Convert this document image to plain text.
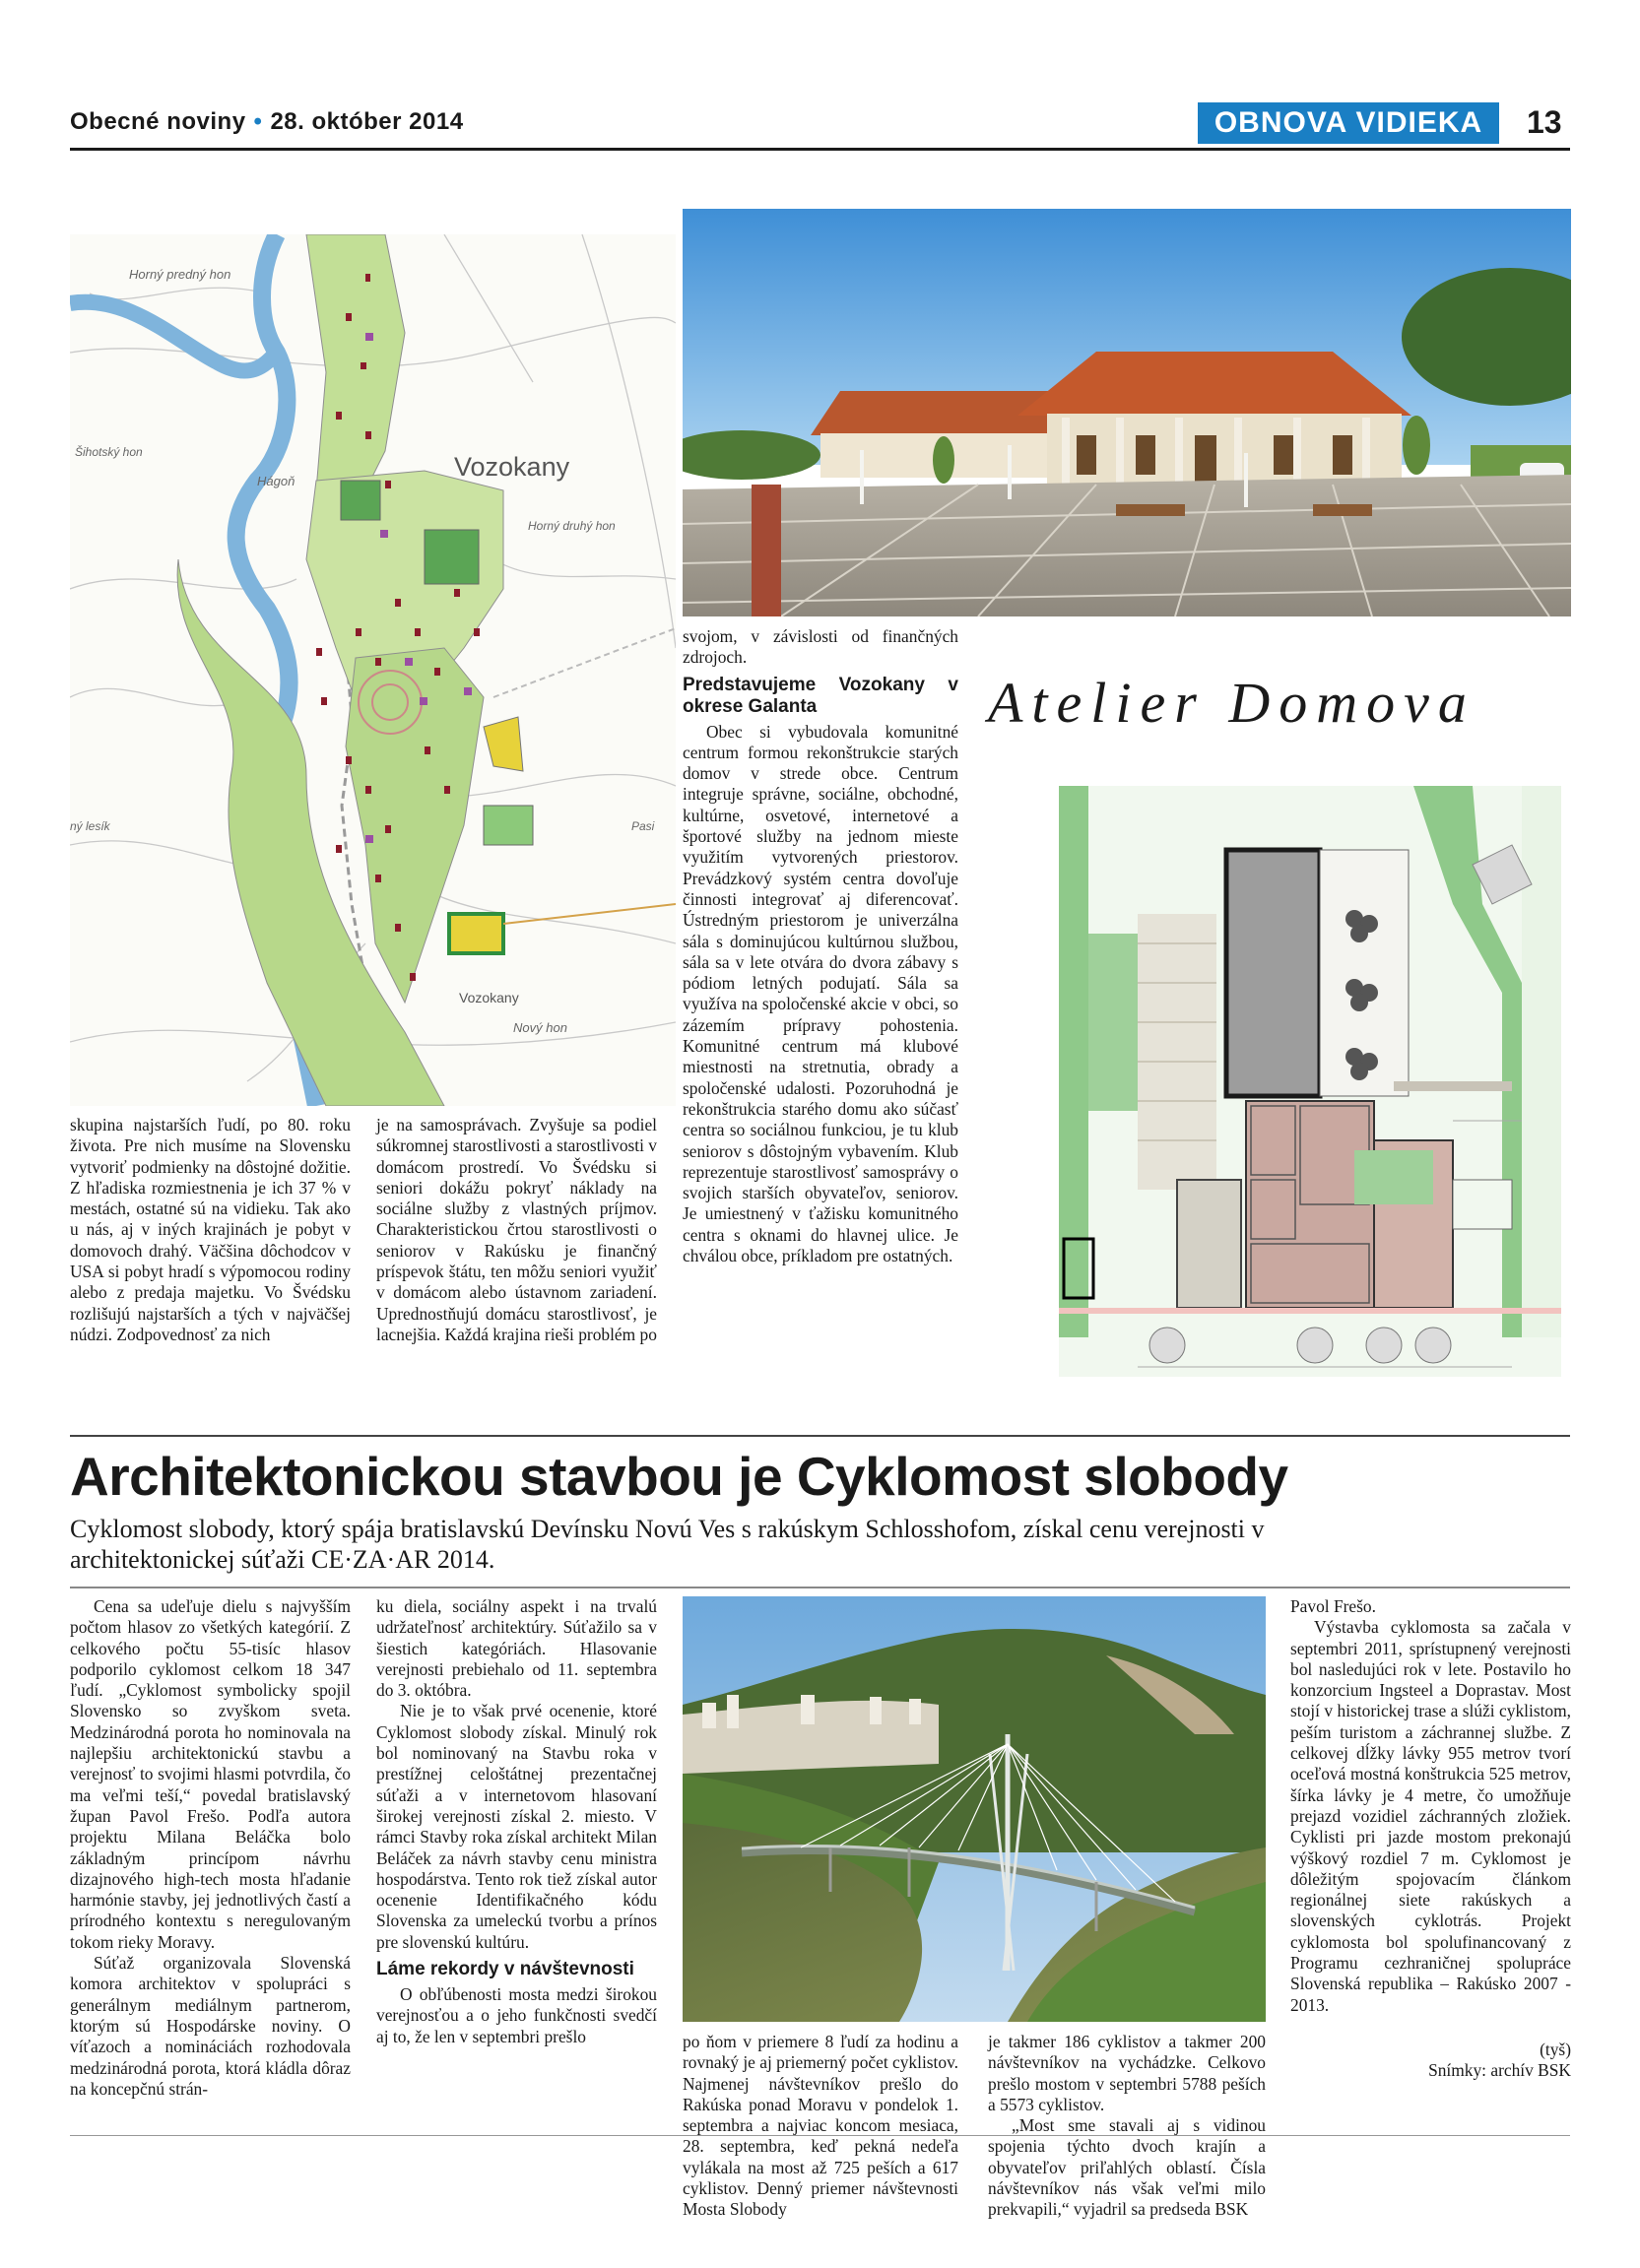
Obecné noviny • 28. október 2014	OBNOVA VIDIEKA	13
Horný predný hon
Šihotský hon
Hágoň
Horný druhý hon
Pasi
ný lesík
Nový hon
Vozokany
Vozokany
Atelier Domova

skupina najstarších ľudí, po 80. roku života. Pre nich musíme na Slovensku vytvoriť podmienky na dôstojné dožitie. Z hľadiska rozmiestnenia je ich 37 % v mestách, ostatné sú na vidieku. Tak ako u nás, aj v iných krajinách je pobyt v domovoch drahý. Väčšina dôchodcov v USA si pobyt hradí s výpomocou rodiny alebo z predaja majetku. Vo Švédsku rozlišujú najstarších a tých v najväčšej núdzi. Zodpovednosť za nich

je na samosprávach. Zvyšuje sa podiel súkromnej starostlivosti a starostlivosti v domácom prostredí. Vo Švédsku si seniori dokážu pokryť náklady na sociálne služby z vlastných príjmov. Charakteristickou črtou starostlivosti o seniorov v Rakúsku je finančný príspevok štátu, ten môžu seniori využiť v domácom alebo ústavnom zariadení. Uprednostňujú domácu starostlivosť, je lacnejšia. Každá krajina rieši problém po

svojom, v závislosti od finančných zdrojoch.

Predstavujeme Vozokany v okrese Galanta

Obec si vybudovala komunitné centrum formou rekonštrukcie starých domov v strede obce. Centrum integruje správne, sociálne, obchodné, kultúrne, osvetové, internetové a športové služby na jednom mieste využitím vytvorených priestorov. Prevádzkový systém centra dovoľuje činnosti integrovať aj diferencovať. Ústredným priestorom je univerzálna sála s dominujúcou kultúrnou službou, sála sa v lete otvára do dvora zábavy s pódiom letných podujatí. Sála sa využíva na spoločenské akcie v obci, so zázemím prípravy pohostenia. Komunitné centrum má klubové miestnosti na stretnutia, obrady a spoločenské udalosti. Pozoruhodná je rekonštrukcia starého domu ako súčasť centra so sociálnou funkciou, je tu klub seniorov s dôstojným vybavením. Klub reprezentuje starostlivosť samosprávy o svojich starších obyvateľov, seniorov. Je umiestnený v ťažisku komunitného centra s oknami do hlavnej ulice. Je chválou obce, príkladom pre ostatných.

Architektonickou stavbou je Cyklomost slobody
Cyklomost slobody, ktorý spája bratislavskú Devínsku Novú Ves s rakúskym Schlosshofom, získal cenu verejnosti v architektonickej súťaži CE·ZA·AR 2014.

Cena sa udeľuje dielu s najvyšším počtom hlasov zo všetkých kategórií. Z celkového počtu 55-tisíc hlasov podporilo cyklomost celkom 18 347 ľudí. „Cyklomost symbolicky spojil Slovensko so zvyškom sveta. Medzinárodná porota ho nominovala na najlepšiu architektonickú stavbu a verejnosť to svojimi hlasmi potvrdila, čo ma veľmi teší,“ povedal bratislavský župan Pavol Frešo. Podľa autora projektu Milana Beláčka bolo základným princípom návrhu dizajnového high-tech mosta hľadanie harmónie stavby, jej jednotlivých častí a prírodného kontextu s neregulovaným tokom rieky Moravy.

Súťaž organizovala Slovenská komora architektov v spolupráci s generálnym mediálnym partnerom, ktorým sú Hospodárske noviny. O víťazoch a nomináciách rozhodovala medzinárodná porota, ktorá kládla dôraz na koncepčnú strán-

ku diela, sociálny aspekt i na trvalú udržateľnosť architektúry. Súťažilo sa v šiestich kategóriách. Hlasovanie verejnosti prebiehalo od 11. septembra do 3. októbra.

Nie je to však prvé ocenenie, ktoré Cyklomost slobody získal. Minulý rok bol nominovaný na Stavbu roka v prestížnej celoštátnej prezentačnej súťaži a v internetovom hlasovaní širokej verejnosti získal 2. miesto. V rámci Stavby roka získal architekt Milan Beláček za návrh stavby cenu ministra hospodárstva. Tento rok tiež získal autor ocenenie Identifikačného kódu Slovenska za umeleckú tvorbu a prínos pre slovenskú kultúru.

Láme rekordy v návštevnosti

O obľúbenosti mosta medzi širokou verejnosťou a o jeho funkčnosti svedčí aj to, že len v septembri prešlo	po ňom v priemere 8 ľudí za hodinu a rovnaký je aj priemerný počet cyklistov. Najmenej návštevníkov prešlo do Rakúska ponad Moravu v pondelok 1. septembra a najviac koncom mesiaca, 28. septembra, keď pekná nedeľa vylákala na most až 725 peších a 617 cyklistov. Denný priemer návštevnosti Mosta Slobody

je takmer 186 cyklistov a takmer 200 návštevníkov na vychádzke. Celkovo prešlo mostom v septembri 5788 peších a 5573 cyklistov.

„Most sme stavali aj s vidinou spojenia týchto dvoch krajín a obyvateľov priľahlých oblastí. Čísla návštevníkov nás však veľmi milo prekvapili,“ vyjadril sa predseda BSK

Pavol Frešo.

Výstavba cyklomosta sa začala v septembri 2011, sprístupnený verejnosti bol nasledujúci rok v lete. Postavilo ho konzorcium Ingsteel a Doprastav. Most stojí v historickej trase a slúži cyklistom, peším turistom a záchrannej službe. Z celkovej dĺžky lávky 955 metrov tvorí oceľová mostná konštrukcia 525 metrov, šírka lávky je 4 metre, čo umožňuje prejazd vozidiel záchranných zložiek. Cyklisti pri jazde mostom prekonajú výškový rozdiel 7 m. Cyklomost je dôležitým spojovacím článkom regionálnej siete rakúskych a slovenských cyklotrás. Projekt cyklomosta bol spolufinancovaný z Programu cezhraničnej spolupráce Slovenská republika – Rakúsko 2007 - 2013.

(tyš)
Snímky: archív BSK
